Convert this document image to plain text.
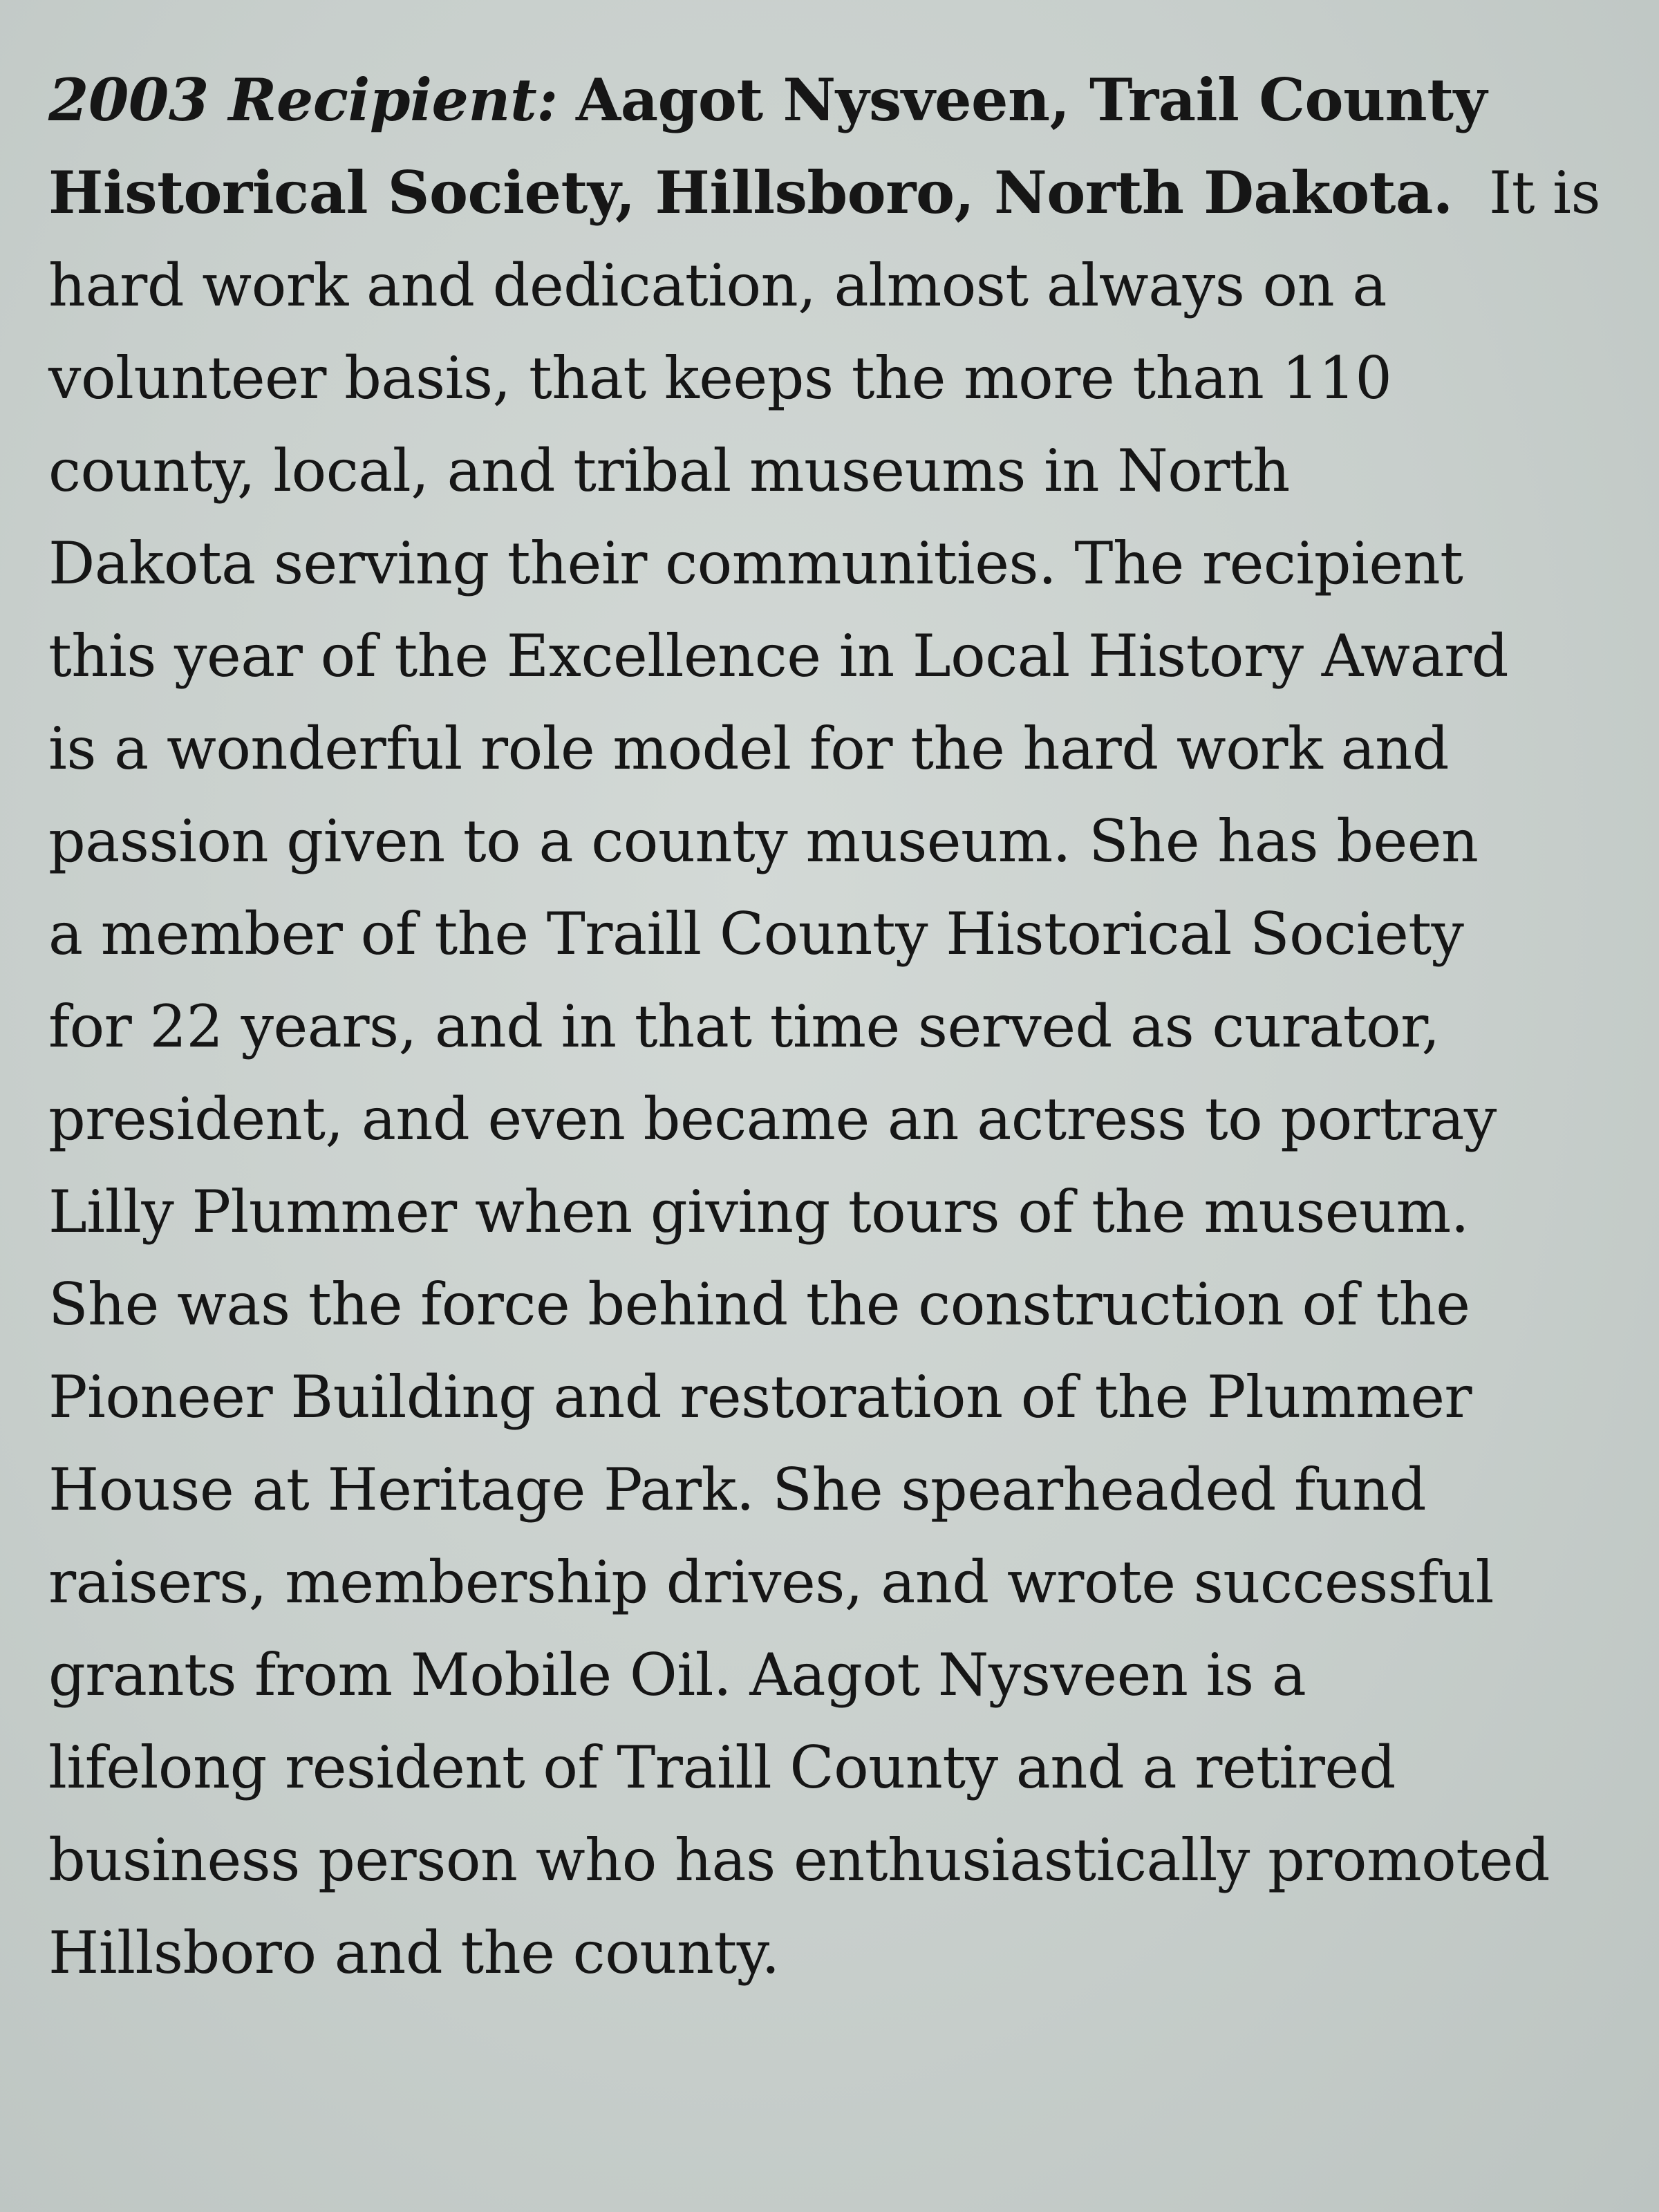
2003 Recipient: Aagot Nysveen, Trail County
Historical Society, Hillsboro, North Dakota. It is
hard work and dedication, almost always on a
volunteer basis, that keeps the more than 110
county, local, and tribal museums in North
Dakota serving their communities. The recipient
this year of the Excellence in Local History Award
is a wonderful role model for the hard work and
passion given to a county museum. She has been
a member of the Traill County Historical Society
for 22 years, and in that time served as curator,
president, and even became an actress to portray
Lilly Plummer when giving tours of the museum.
She was the force behind the construction of the
Pioneer Building and restoration of the Plummer
House at Heritage Park. She spearheaded fund
raisers, membership drives, and wrote successful
grants from Mobile Oil. Aagot Nysveen is a
lifelong resident of Traill County and a retired
business person who has enthusiastically promoted
Hillsboro and the county.
